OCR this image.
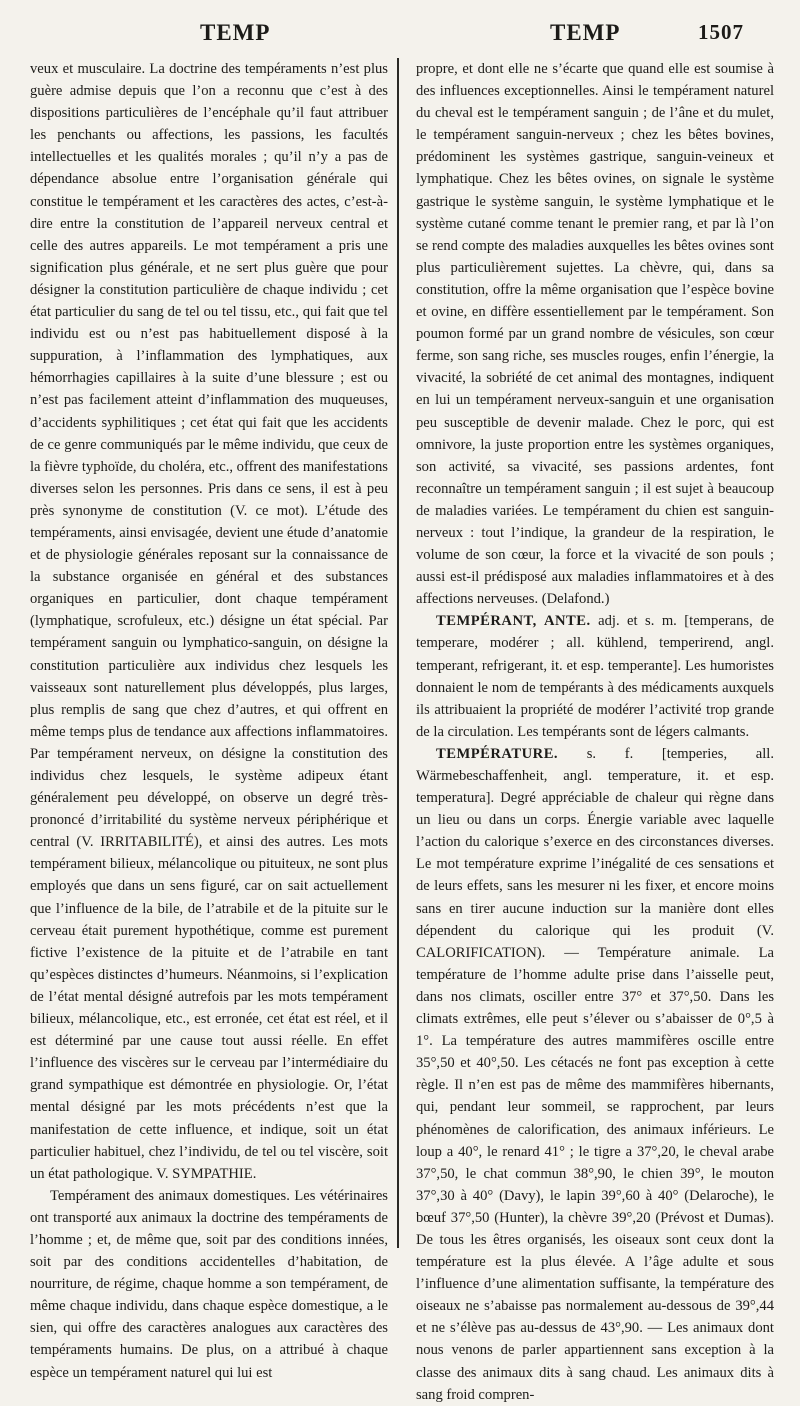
TEMP	TEMP	1507

veux et musculaire. La doctrine des tempéraments n’est plus guère admise depuis que l’on a reconnu que c’est à des dispositions particulières de l’encéphale qu’il faut attribuer les penchants ou affections, les passions, les facultés intellectuelles et les qualités morales ; qu’il n’y a pas de dépendance absolue entre l’organisation générale qui constitue le tempérament et les caractères des actes, c’est-à-dire entre la constitution de l’appareil nerveux central et celle des autres appareils. Le mot tempérament a pris une signification plus générale, et ne sert plus guère que pour désigner la constitution particulière de chaque individu ; cet état particulier du sang de tel ou tel tissu, etc., qui fait que tel individu est ou n’est pas habituellement disposé à la suppuration, à l’inflammation des lymphatiques, aux hémorrhagies capillaires à la suite d’une blessure ; est ou n’est pas facilement atteint d’inflammation des muqueuses, d’accidents syphilitiques ; cet état qui fait que les accidents de ce genre communiqués par le même individu, que ceux de la fièvre typhoïde, du choléra, etc., offrent des manifestations diverses selon les personnes. Pris dans ce sens, il est à peu près synonyme de constitution (V. ce mot). L’étude des tempéraments, ainsi envisagée, devient une étude d’anatomie et de physiologie générales reposant sur la connaissance de la substance organisée en général et des substances organiques en particulier, dont chaque tempérament (lymphatique, scrofuleux, etc.) désigne un état spécial. Par tempérament sanguin ou lymphatico-sanguin, on désigne la constitution particulière aux individus chez lesquels les vaisseaux sont naturellement plus développés, plus larges, plus remplis de sang que chez d’autres, et qui offrent en même temps plus de tendance aux affections inflammatoires. Par tempérament nerveux, on désigne la constitution des individus chez lesquels, le système adipeux étant généralement peu développé, on observe un degré très-prononcé d’irritabilité du système nerveux périphérique et central (V. IRRITABILITÉ), et ainsi des autres. Les mots tempérament bilieux, mélancolique ou pituiteux, ne sont plus employés que dans un sens figuré, car on sait actuellement que l’influence de la bile, de l’atrabile et de la pituite sur le cerveau était purement hypothétique, comme est purement fictive l’existence de la pituite et de l’atrabile en tant qu’espèces distinctes d’humeurs. Néanmoins, si l’explication de l’état mental désigné autrefois par les mots tempérament bilieux, mélancolique, etc., est erronée, cet état est réel, et il est déterminé par une cause tout aussi réelle. En effet l’influence des viscères sur le cerveau par l’intermédiaire du grand sympathique est démontrée en physiologie. Or, l’état mental désigné par les mots précédents n’est que la manifestation de cette influence, et indique, soit un état particulier habituel, chez l’individu, de tel ou tel viscère, soit un état pathologique. V. SYMPATHIE.

Tempérament des animaux domestiques. Les vétérinaires ont transporté aux animaux la doctrine des tempéraments de l’homme ; et, de même que, soit par des conditions innées, soit par des conditions accidentelles d’habitation, de nourriture, de régime, chaque homme a son tempérament, de même chaque individu, dans chaque espèce domestique, a le sien, qui offre des caractères analogues aux caractères des tempéraments humains. De plus, on a attribué à chaque espèce un tempérament naturel qui lui est

propre, et dont elle ne s’écarte que quand elle est soumise à des influences exceptionnelles. Ainsi le tempérament naturel du cheval est le tempérament sanguin ; de l’âne et du mulet, le tempérament sanguin-nerveux ; chez les bêtes bovines, prédominent les systèmes gastrique, sanguin-veineux et lymphatique. Chez les bêtes ovines, on signale le système gastrique le système sanguin, le système lymphatique et le système cutané comme tenant le premier rang, et par là l’on se rend compte des maladies auxquelles les bêtes ovines sont plus particulièrement sujettes. La chèvre, qui, dans sa constitution, offre la même organisation que l’espèce bovine et ovine, en diffère essentiellement par le tempérament. Son poumon formé par un grand nombre de vésicules, son cœur ferme, son sang riche, ses muscles rouges, enfin l’énergie, la vivacité, la sobriété de cet animal des montagnes, indiquent en lui un tempérament nerveux-sanguin et une organisation peu susceptible de devenir malade. Chez le porc, qui est omnivore, la juste proportion entre les systèmes organiques, son activité, sa vivacité, ses passions ardentes, font reconnaître un tempérament sanguin ; il est sujet à beaucoup de maladies variées. Le tempérament du chien est sanguin-nerveux : tout l’indique, la grandeur de la respiration, le volume de son cœur, la force et la vivacité de son pouls ; aussi est-il prédisposé aux maladies inflammatoires et à des affections nerveuses. (Delafond.)

TEMPÉRANT, ANTE. adj. et s. m. [temperans, de temperare, modérer ; all. kühlend, temperirend, angl. temperant, refrigerant, it. et esp. temperante]. Les humoristes donnaient le nom de tempérants à des médicaments auxquels ils attribuaient la propriété de modérer l’activité trop grande de la circulation. Les tempérants sont de légers calmants.

TEMPÉRATURE. s. f. [temperies, all. Wärmebeschaffenheit, angl. temperature, it. et esp. temperatura]. Degré appréciable de chaleur qui règne dans un lieu ou dans un corps. Énergie variable avec laquelle l’action du calorique s’exerce en des circonstances diverses. Le mot température exprime l’inégalité de ces sensations et de leurs effets, sans les mesurer ni les fixer, et encore moins sans en tirer aucune induction sur la manière dont elles dépendent du calorique qui les produit (V. CALORIFICATION). — Température animale. La température de l’homme adulte prise dans l’aisselle peut, dans nos climats, osciller entre 37° et 37°,50. Dans les climats extrêmes, elle peut s’élever ou s’abaisser de 0°,5 à 1°. La température des autres mammifères oscille entre 35°,50 et 40°,50. Les cétacés ne font pas exception à cette règle. Il n’en est pas de même des mammifères hibernants, qui, pendant leur sommeil, se rapprochent, par leurs phénomènes de calorification, des animaux inférieurs. Le loup a 40°, le renard 41° ; le tigre a 37°,20, le cheval arabe 37°,50, le chat commun 38°,90, le chien 39°, le mouton 37°,30 à 40° (Davy), le lapin 39°,60 à 40° (Delaroche), le bœuf 37°,50 (Hunter), la chèvre 39°,20 (Prévost et Dumas). De tous les êtres organisés, les oiseaux sont ceux dont la température est la plus élevée. A l’âge adulte et sous l’influence d’une alimentation suffisante, la température des oiseaux ne s’abaisse pas normalement au-dessous de 39°,44 et ne s’élève pas au-dessus de 43°,90. — Les animaux dont nous venons de parler appartiennent sans exception à la classe des animaux dits à sang chaud. Les animaux dits à sang froid compren-
